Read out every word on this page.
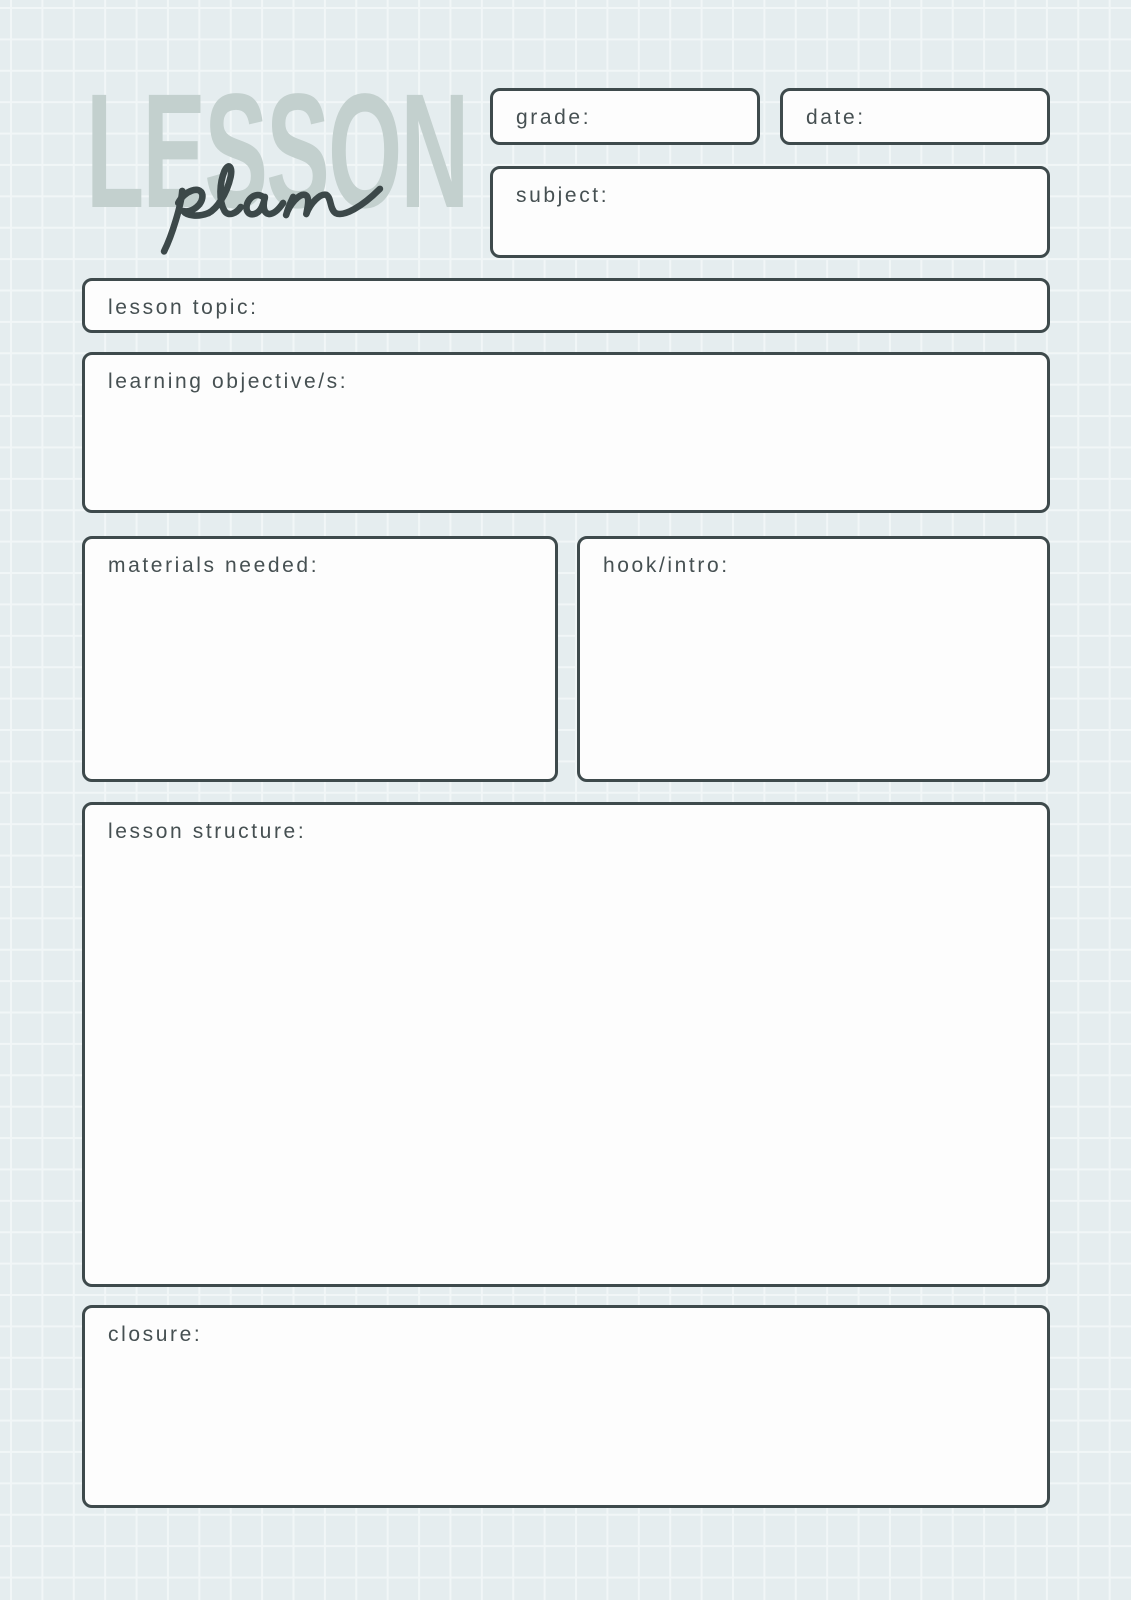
LESSON	grade:	date:
subject:
lesson topic:
learning objective/s:
materials needed:	hook/intro:
lesson structure:
closure:
